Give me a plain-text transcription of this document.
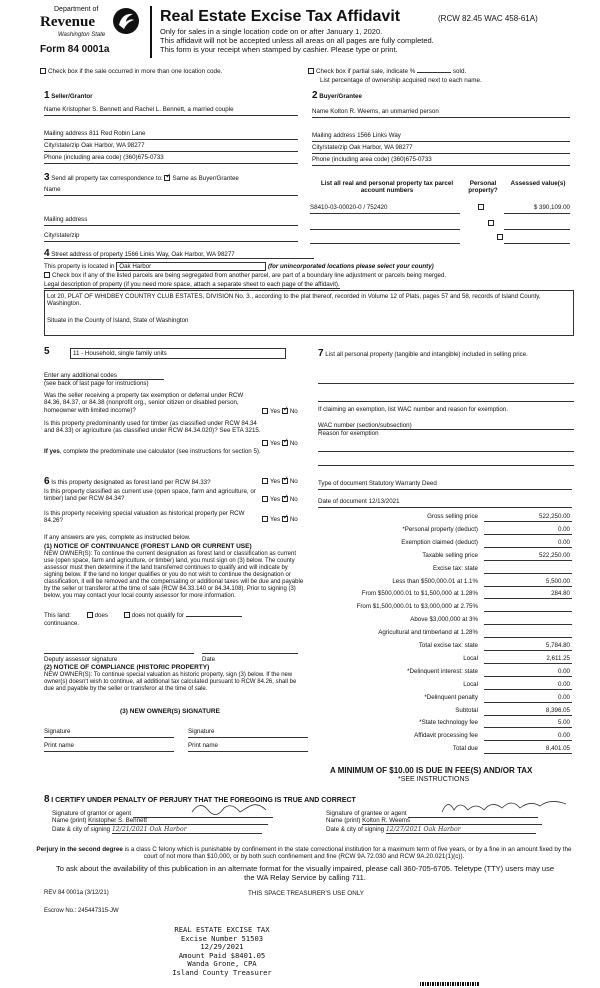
Department of
Revenue
Washington State
Form 84 0001a
Real Estate Excise Tax Affidavit	(RCW 82.45 WAC 458-61A)
Only for sales in a single location code on or after January 1, 2020.
This affidavit will not be accepted unless all areas on all pages are fully completed.
This form is your receipt when stamped by cashier. Please type or print.
Check box if the sale occurred in more than one location code.	Check box if partial sale, indicate %	sold.
List percentage of ownership acquired next to each name.
1 Seller/Grantor
Name Kristopher S. Bennett and Rachel L. Bennett, a married couple
Mailing address 811 Red Robin Lane
City/state/zip Oak Harbor, WA 98277
Phone (including area code) (360)675-0733
2 Buyer/Grantee
Name Kolton R. Weems, an unmarried person
Mailing address 1566 Links Way
City/state/zip Oak Harbor, WA 98277
Phone (including area code) (360)675-0733
3 Send all property tax correspondence to: ✓ Same as Buyer/Grantee
Name
Mailing address
City/state/zip
List all real and personal property tax parcel account numbers
Personal property?
Assessed value(s)
S8410-03-00020-0 / 752420
	$ 390,109.00

4 Street address of property 1566 Links Way, Oak Harbor, WA 98277
This property is located in Oak Harbor	(for unincorporated locations please select your county)
Check box if any of the listed parcels are being segregated from another parcel, are part of a boundary line adjustment or parcels being merged.
Legal description of property (if you need more space, attach a separate sheet to each page of the affidavit).
Lot 20, PLAT OF WHIDBEY COUNTRY CLUB ESTATES, DIVISION No. 3., according to the plat thereof, recorded in Volume 12 of Plats, pages 57 and 58, records of Island County, Washington.
Situate in the County of Island, State of Washington
5	11 - Household, single family units
Enter any additional codes
(see back of last page for instructions)
Was the seller receiving a property tax exemption or deferral under RCW 84.36, 84.37, or 84.38 (nonprofit org., senior citizen or disabled person, homeowner with limited income)?	Yes ✓ No
Is this property predominantly used for timber (as classified under RCW 84.34 and 84.33) or agriculture (as classified under RCW 84.34.020)? See ETA 3215.
Yes ✓ No
If yes, complete the predominate use calculator (see instructions for section 5).
7 List all personal property (tangible and intangible) included in selling price.
If claiming an exemption, list WAC number and reason for exemption.
WAC number (section/subsection)
Reason for exemption
6 Is this property designated as forest land per RCW 84.33?	Yes ✓ No
Is this property classified as current use (open space, farm and agriculture, or timber) land per RCW 84.34?	Yes ✓ No
Is this property receiving special valuation as historical property per RCW 84.26?	Yes ✓ No
If any answers are yes, complete as instructed below.
(1) NOTICE OF CONTINUANCE (FOREST LAND OR CURRENT USE)
NEW OWNER(S): To continue the current designation as forest land or classification as current use (open space, farm and agriculture, or timber) land, you must sign on (3) below. The county assessor must then determine if the land transferred continues to qualify and will indicate by signing below. If the land no longer qualifies or you do not wish to continue the designation or classification, it will be removed and the compensating or additional taxes will be due and payable by the seller or transferor at the time of sale (RCW 84.33.140 or 84.34.108). Prior to signing (3) below, you may contact your local county assessor for more information.
This land:	does	does not qualify for
continuance.
Deputy assessor signature	Date
(2) NOTICE OF COMPLIANCE (HISTORIC PROPERTY)
NEW OWNER(S): To continue special valuation as historic property, sign (3) below. If the new owner(s) doesn't wish to continue, all additional tax calculated pursuant to RCW 84.26, shall be due and payable by the seller or transferor at the time of sale.
(3) NEW OWNER(S) SIGNATURE
Signature	Signature
Print name	Print name
Type of document Statutory Warranty Deed
Date of document 12/13/2021
Gross selling price	522,250.00
*Personal property (deduct)	0.00
Exemption claimed (deduct)	0.00
Taxable selling price	522,250.00
Excise tax: state
Less than $500,000.01 at 1.1%	5,500.00
From $500,000.01 to $1,500,000 at 1.28%	284.80
From $1,500,000.01 to $3,000,000 at 2.75%
Above $3,000,000 at 3%
Agricultural and timberland at 1.28%
Total excise tax: state	5,784.80
Local	2,611.25
*Delinquent interest: state	0.00
Local	0.00
*Delinquent penalty	0.00
Subtotal	8,396.05
*State technology fee	5.00
Affidavit processing fee	0.00
Total due	8,401.05
A MINIMUM OF $10.00 IS DUE IN FEE(S) AND/OR TAX
*SEE INSTRUCTIONS
8 I CERTIFY UNDER PENALTY OF PERJURY THAT THE FOREGOING IS TRUE AND CORRECT
Signature of grantor or agent
Name (print) Kristopher S. Bennett
Date & city of signing 12/21/2021 Oak Harbor
Signature of grantee or agent
Name (print) Kolton R. Weems
Date & city of signing 12/27/2021 Oak Harbor
Perjury in the second degree is a class C felony which is punishable by confinement in the state correctional institution for a maximum term of five years, or by a fine in an amount fixed by the court of not more than $10,000, or by both such confinement and fine (RCW 9A.72.030 and RCW 9A.20.021(1)(c)).
To ask about the availability of this publication in an alternate format for the visually impaired, please call 360-705-6705. Teletype (TTY) users may use the WA Relay Service by calling 711.
REV 84 0001a (3/12/21)	THIS SPACE TREASURER'S USE ONLY
Escrow No.: 245447315-JW
REAL ESTATE EXCISE TAX
Excise Number 51503
12/29/2021
Amount Paid $8401.05
Wanda Grone, CPA
Island County Treasurer
